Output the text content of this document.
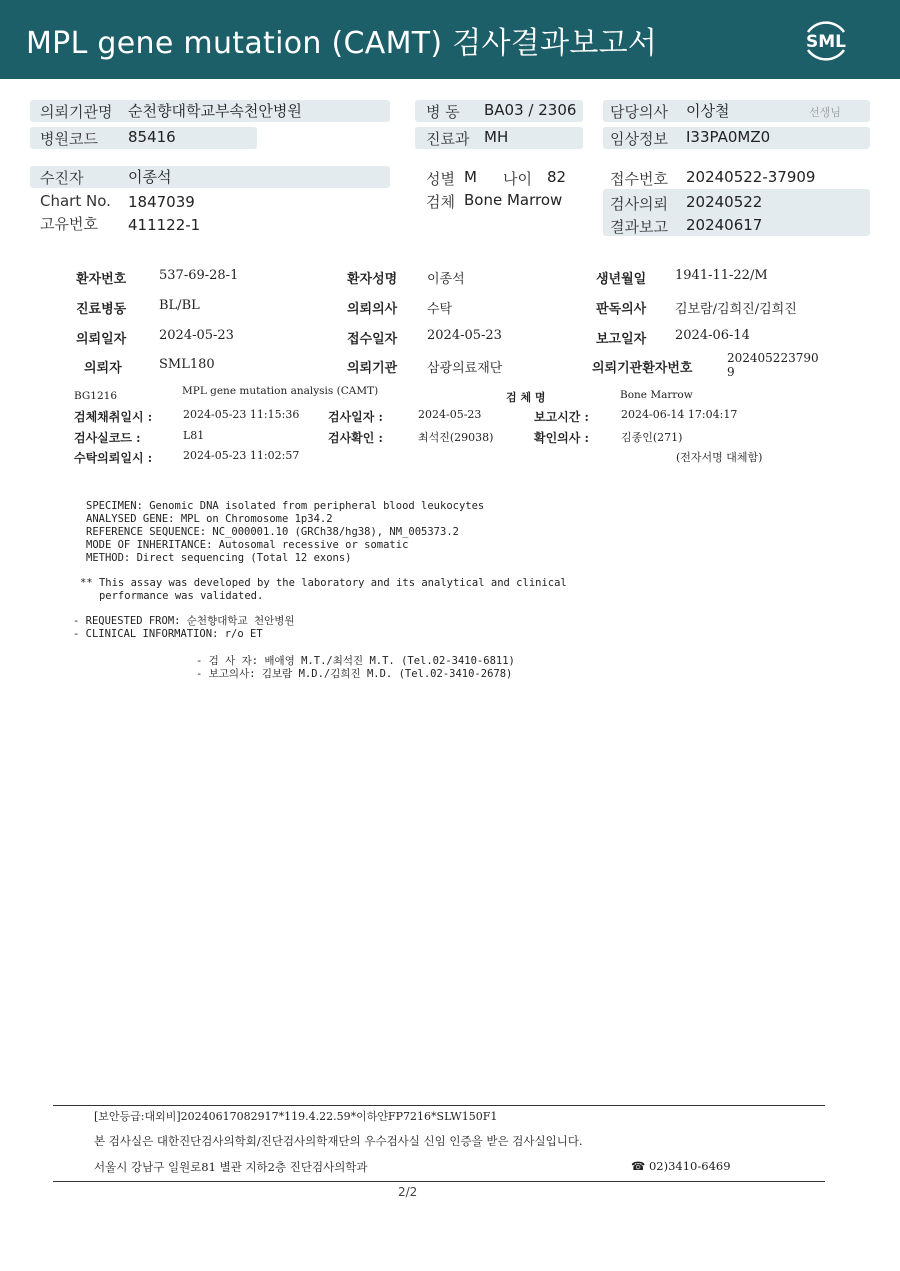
MPL gene mutation (CAMT) 검사결과보고서	SML
의뢰기관명 순천향대학교부속천안병원	병 동 BA03 / 2306 담당의사 이상철	선생님
병원코드 85416	진료과 MH	임상정보 I33PA0MZ0
수진자	이종석	성별 M 나이 82	접수번호 20240522-37909
Chart No. 1847039	검체 Bone Marrow	검사의뢰 20240522
고유번호 411122-1	결과보고 20240617
환자번호	537-69-28-1	환자성명 이종석	생년월일 1941-11-22/M
진료병동	BL/BL	의뢰의사 수탁	판독의사 김보람/김희진/김희진
의뢰일자	2024-05-23	접수일자 2024-05-23	보고일자 2024-06-14
의뢰자	SML180	의뢰기관 삼광의료재단	의뢰기관환자번호
202405223790
9
BG1216	MPL gene mutation analysis (CAMT)	검 체 명	Bone Marrow
검체채취일시 :	2024-05-23 11:15:36 검사일자 :	2024-05-23	보고시간 :	2024-06-14 17:04:17
검사실코드 :	L81	검사확인 :	최석진(29038)	확인의사 :	김종인(271)
수탁의뢰일시 :	2024-05-23 11:02:57	(전자서명 대체함)
SPECIMEN: Genomic DNA isolated from peripheral blood leukocytes
ANALYSED GENE: MPL on Chromosome 1p34.2
REFERENCE SEQUENCE: NC_000001.10 (GRCh38/hg38), NM_005373.2
MODE OF INHERITANCE: Autosomal recessive or somatic
METHOD: Direct sequencing (Total 12 exons)
** This assay was developed by the laboratory and its analytical and clinical
performance was validated.
- REQUESTED FROM: 순천향대학교 천안병원
- CLINICAL INFORMATION: r/o ET
- 검 사 자: 배애영 M.T./최석진 M.T. (Tel.02-3410-6811)
- 보고의사: 김보람 M.D./김희진 M.D. (Tel.02-3410-2678)
[보안등급:대외비]20240617082917*119.4.22.59*이하얀FP7216*SLW150F1
본 검사실은 대한진단검사의학회/진단검사의학재단의 우수검사실 신임 인증을 받은 검사실입니다.
서울시 강남구 일원로81 별관 지하2층 진단검사의학과	☎ 02)3410-6469
2/2
